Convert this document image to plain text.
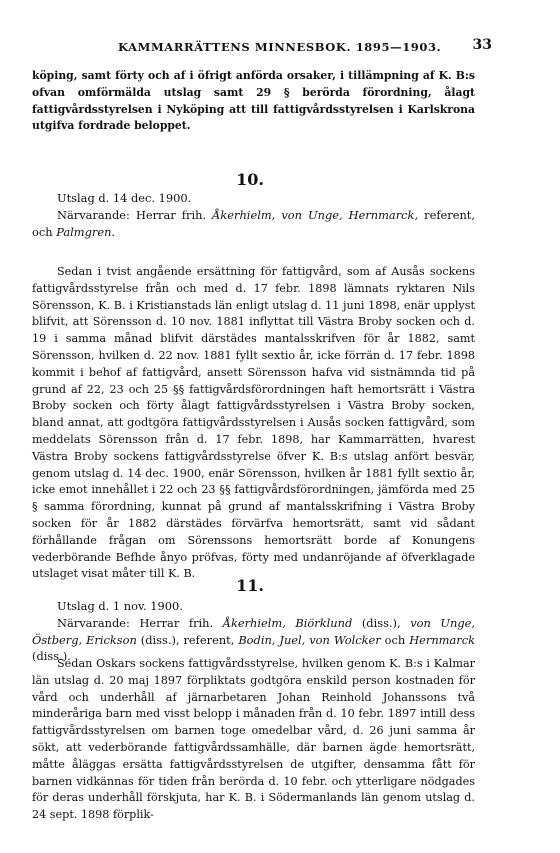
KAMMARRÄTTENS MINNESBOK. 1895—1903.	33

köping, samt förty och af i öfrigt anförda orsaker, i tillämpning af K. B:s ofvan omförmälda utslag samt 29 § berörda förordning, ålagt fattigvårdsstyrelsen i Nyköping att till fattigvårdsstyrelsen i Karlskrona utgifva fordrade beloppet.

10.

Utslag d. 14 dec. 1900.

Närvarande: Herrar frih. Åkerhielm, von Unge, Hernmarck, referent, och Palmgren.

Sedan i tvist angående ersättning för fattigvård, som af Ausås sockens fattigvårdsstyrelse från och med d. 17 febr. 1898 lämnats ryktaren Nils Sörensson, K. B. i Kristianstads län enligt utslag d. 11 juni 1898, enär upplyst blifvit, att Sörensson d. 10 nov. 1881 inflyttat till Västra Broby socken och d. 19 i samma månad blifvit därstädes mantalsskrifven för år 1882, samt Sörensson, hvilken d. 22 nov. 1881 fyllt sextio år, icke förrän d. 17 febr. 1898 kommit i behof af fattigvård, ansett Sörensson hafva vid sistnämnda tid på grund af 22, 23 och 25 §§ fattigvårdsförordningen haft hemortsrätt i Västra Broby socken och förty ålagt fattigvårdsstyrelsen i Västra Broby socken, bland annat, att godtgöra fattigvårdsstyrelsen i Ausås socken fattigvård, som meddelats Sörensson från d. 17 febr. 1898, har Kammarrätten, hvarest Västra Broby sockens fattigvårdsstyrelse öfver K. B:s utslag anfört besvär, genom utslag d. 14 dec. 1900, enär Sörensson, hvilken år 1881 fyllt sextio år, icke emot innehållet i 22 och 23 §§ fattigvårdsförordningen, jämförda med 25 § samma förordning, kunnat på grund af mantalsskrifning i Västra Broby socken för år 1882 därstädes förvärfva hemortsrätt, samt vid sådant förhållande frågan om Sörenssons hemortsrätt borde af Konungens vederbörande Befhde ånyo pröfvas, förty med undanröjande af öfverklagade utslaget visat måter till K. B.

11.

Utslag d. 1 nov. 1900.

Närvarande: Herrar frih. Åkerhielm, Biörklund (diss.), von Unge, Östberg, Erickson (diss.), referent, Bodin, Juel, von Wolcker och Hernmarck (diss.).

Sedan Oskars sockens fattigvårdsstyrelse, hvilken genom K. B:s i Kalmar län utslag d. 20 maj 1897 förpliktats godtgöra enskild person kostnaden för vård och underhåll af järnarbetaren Johan Reinhold Johanssons två minderåriga barn med visst belopp i månaden från d. 10 febr. 1897 intill dess fattigvårdsstyrelsen om barnen toge omedelbar vård, d. 26 juni samma år sökt, att vederbörande fattigvårdssamhälle, där barnen ägde hemortsrätt, måtte åläggas ersätta fattigvårdsstyrelsen de utgifter, densamma fått för barnen vidkännas för tiden från berörda d. 10 febr. och ytterligare nödgades för deras underhåll förskjuta, har K. B. i Södermanlands län genom utslag d. 24 sept. 1898 förplik-
